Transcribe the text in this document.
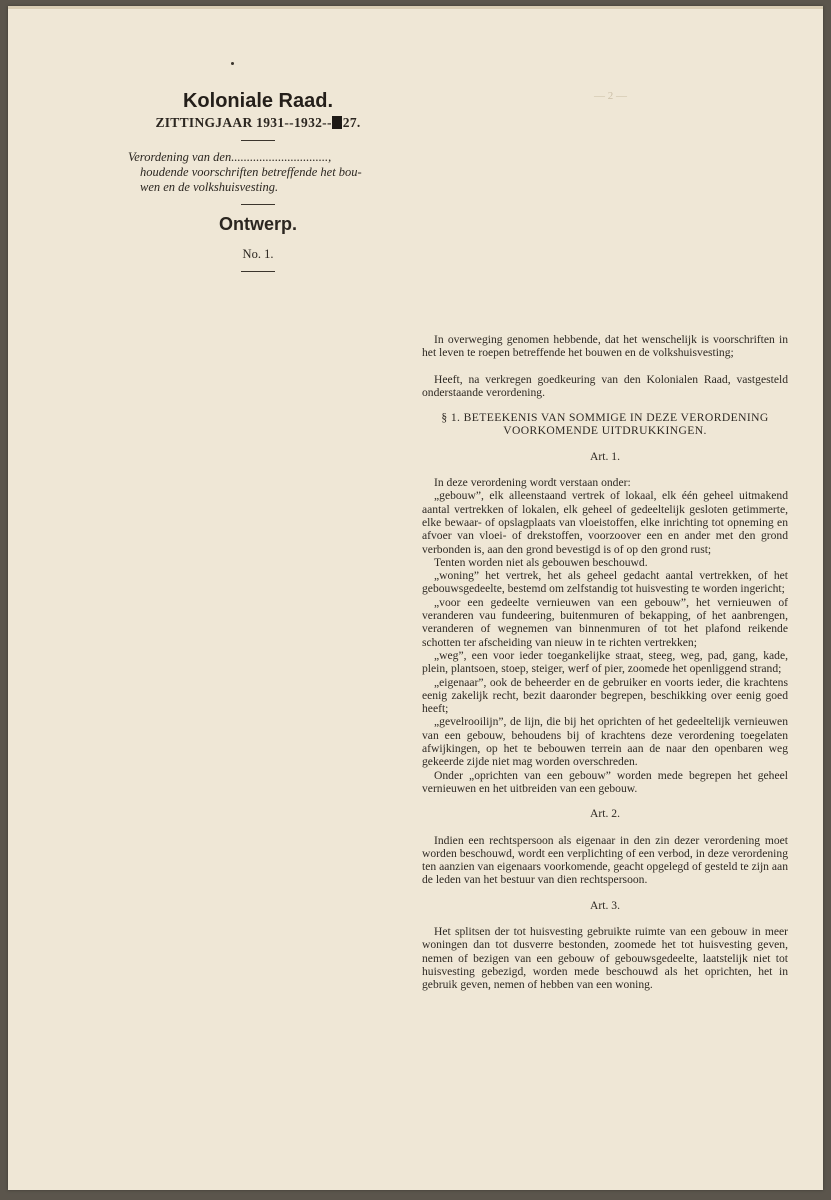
— 2 —
Koloniale Raad.
ZITTINGJAAR 1931--1932-- 27.

Verordening van den...............................,
houdende voorschriften betreffende het bou-
wen en de volkshuisvesting.

Ontwerp.
No. 1.

In overweging genomen hebbende, dat het wenschelijk is voorschriften in het leven te roepen betreffende het bouwen en de volkshuisvesting;

Heeft, na verkregen goedkeuring van den Kolonialen Raad, vastgesteld onderstaande verordening.

§ 1. BETEEKENIS VAN SOMMIGE IN DEZE VERORDENING VOORKOMENDE UITDRUKKINGEN.

Art. 1.

In deze verordening wordt verstaan onder:

„gebouw”, elk alleenstaand vertrek of lokaal, elk één geheel uitmakend aantal vertrekken of lokalen, elk geheel of gedeeltelijk gesloten getimmerte, elke bewaar- of opslagplaats van vloeistoffen, elke inrichting tot opneming en afvoer van vloei- of drekstoffen, voorzoover een en ander met den grond verbonden is, aan den grond bevestigd is of op den grond rust;

Tenten worden niet als gebouwen beschouwd.

„woning” het vertrek, het als geheel gedacht aantal vertrekken, of het gebouwsgedeelte, bestemd om zelfstandig tot huisvesting te worden ingericht;

„voor een gedeelte vernieuwen van een gebouw”, het vernieuwen of veranderen vau fundeering, buitenmuren of bekapping, of het aanbrengen, veranderen of wegnemen van binnenmuren of tot het plafond reikende schotten ter afscheiding van nieuw in te richten vertrekken;

„weg”, een voor ieder toegankelijke straat, steeg, weg, pad, gang, kade, plein, plantsoen, stoep, steiger, werf of pier, zoomede het openliggend strand;

„eigenaar”, ook de beheerder en de gebruiker en voorts ieder, die krachtens eenig zakelijk recht, bezit daaronder begrepen, beschikking over eenig goed heeft;

„gevelrooilijn”, de lijn, die bij het oprichten of het gedeeltelijk vernieuwen van een gebouw, behoudens bij of krachtens deze verordening toegelaten afwijkingen, op het te bebouwen terrein aan de naar den openbaren weg gekeerde zijde niet mag worden overschreden.

Onder „oprichten van een gebouw” worden mede begrepen het geheel vernieuwen en het uitbreiden van een gebouw.

Art. 2.

Indien een rechtspersoon als eigenaar in den zin dezer verordening moet worden beschouwd, wordt een verplichting of een verbod, in deze verordening ten aanzien van eigenaars voorkomende, geacht opgelegd of gesteld te zijn aan de leden van het bestuur van dien rechtspersoon.

Art. 3.

Het splitsen der tot huisvesting gebruikte ruimte van een gebouw in meer woningen dan tot dusverre bestonden, zoomede het tot huisvesting geven, nemen of bezigen van een gebouw of gebouwsgedeelte, laatstelijk niet tot huisvesting gebezigd, worden mede beschouwd als het oprichten, het in gebruik geven, nemen of hebben van een woning.
